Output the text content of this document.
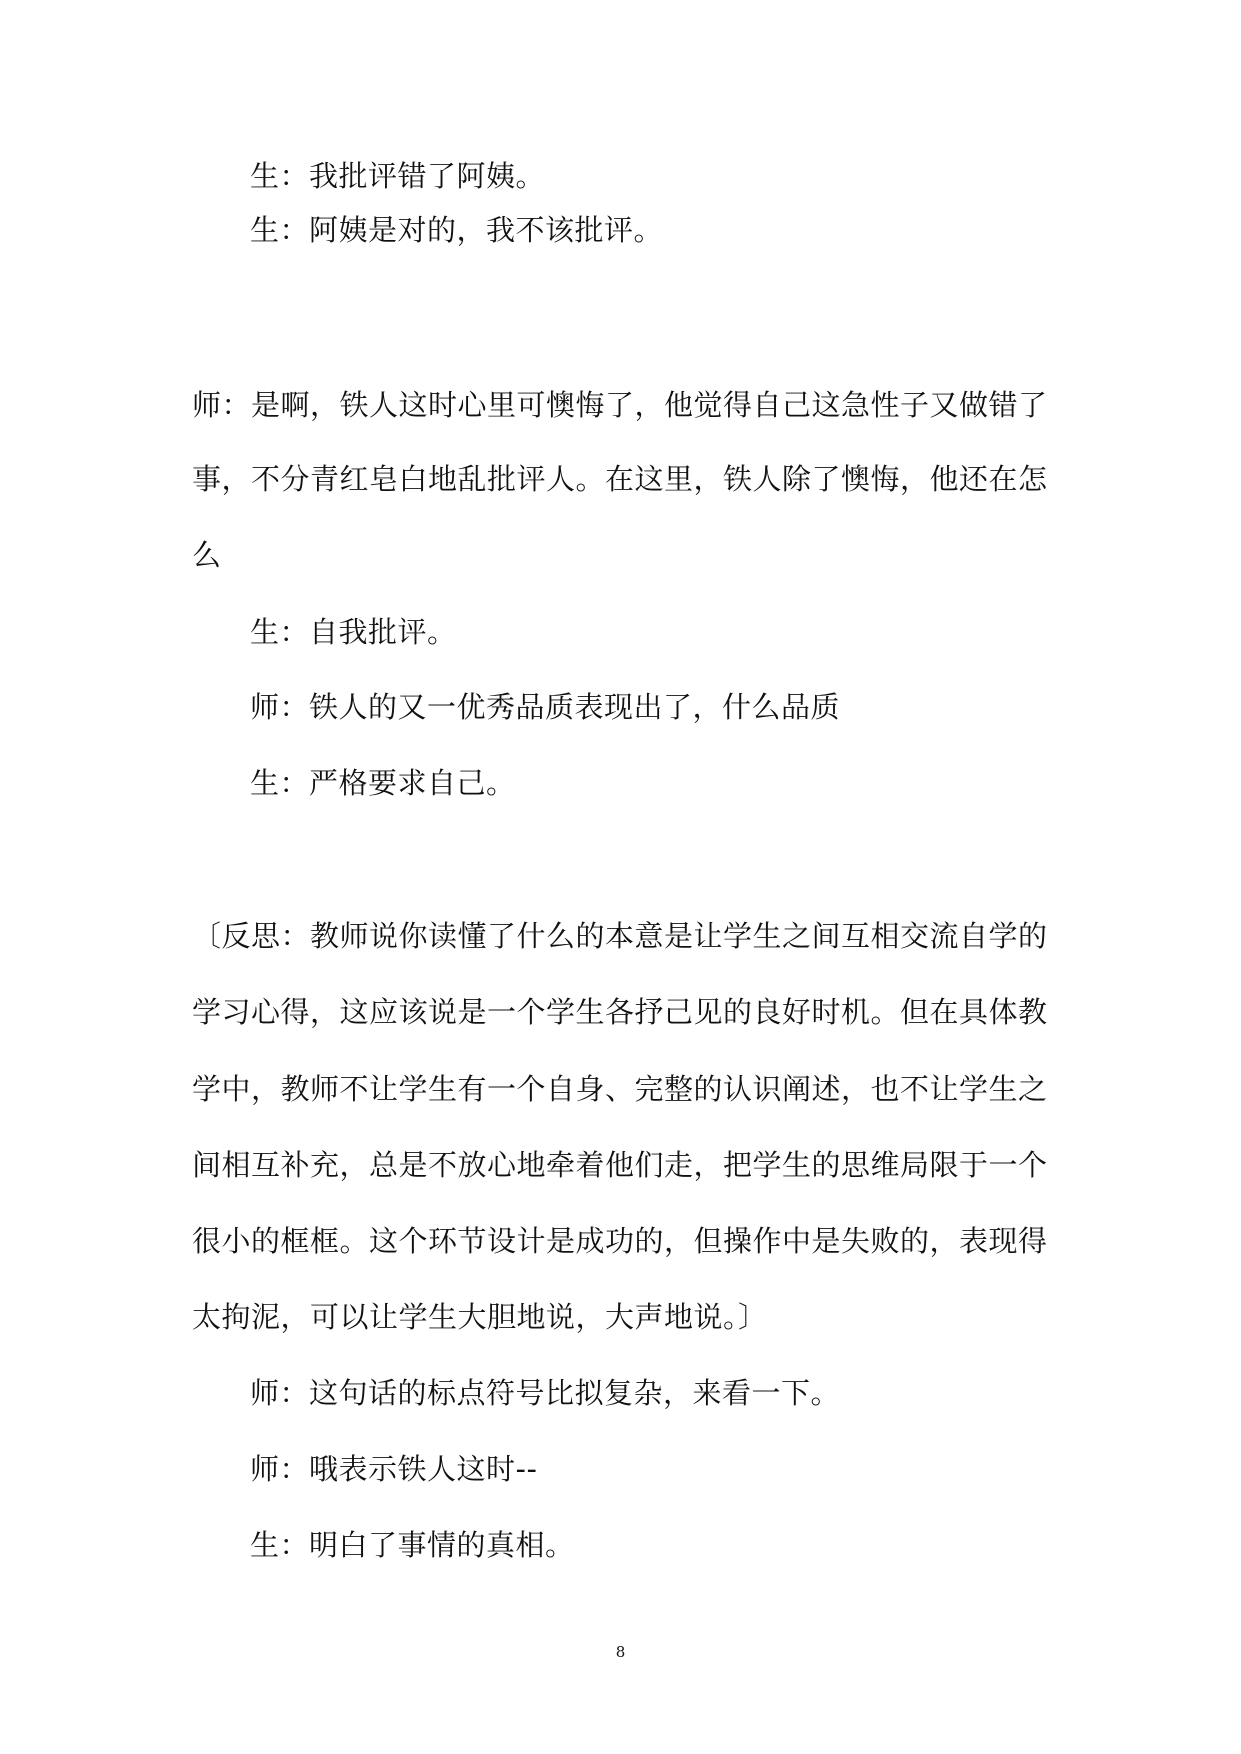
生：我批评错了阿姨。
生：阿姨是对的，我不该批评。
师：是啊，铁人这时心里可懊悔了，他觉得自己这急性子又做错了
事，不分青红皂白地乱批评人。在这里，铁人除了懊悔，他还在怎
么
生：自我批评。
师：铁人的又一优秀品质表现出了，什么品质
生：严格要求自己。
〔反思：教师说你读懂了什么的本意是让学生之间互相交流自学的
学习心得，这应该说是一个学生各抒己见的良好时机。但在具体教
学中，教师不让学生有一个自身、完整的认识阐述，也不让学生之
间相互补充，总是不放心地牵着他们走，把学生的思维局限于一个
很小的框框。这个环节设计是成功的，但操作中是失败的，表现得
太拘泥，可以让学生大胆地说，大声地说。〕
师：这句话的标点符号比拟复杂，来看一下。
师：哦表示铁人这时--
生：明白了事情的真相。
8
